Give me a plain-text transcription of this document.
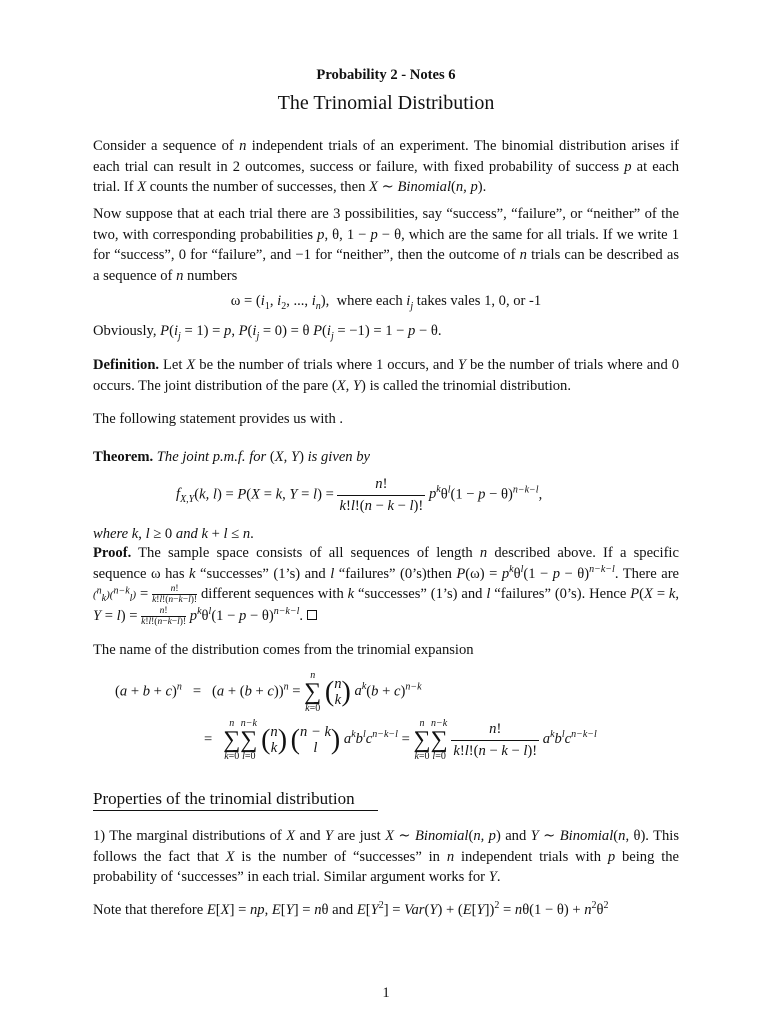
Probability 2 - Notes 6
The Trinomial Distribution
Consider a sequence of n independent trials of an experiment. The binomial distribution arises if each trial can result in 2 outcomes, success or failure, with fixed probability of success p at each trial. If X counts the number of successes, then X ∼ Binomial(n, p).
Now suppose that at each trial there are 3 possibilities, say “success”, “failure”, or “neither” of the two, with corresponding probabilities p, θ, 1 − p − θ, which are the same for all trials. If we write 1 for “success”, 0 for “failure”, and −1 for “neither”, then the outcome of n trials can be described as a sequence of n numbers
$\omega = (i_1$, $i_2$, ..., $i_n$),  where each $i_j$ takes vales 1, 0, or -1
Obviously, $P(i_j = 1) = p$, $P(i_j = 0) = \theta$ $P(i_j = -1) = 1 - p - \theta$.
Definition. Let X be the number of trials where 1 occurs, and Y be the number of trials where and 0 occurs. The joint distribution of the pare (X, Y) is called the trinomial distribution.
The following statement provides us with .
Theorem. The joint p.m.f. for (X, Y) is given by
$f_{X,Y}(k$, l) = P(X = k, $Y = l) = \frac{n!}{k!l!(n - k - l)!} p^k\theta^l(1 - p - \theta)^{n-k-l}$,
where k, l ≥ 0 and k + l ≤ n.
Proof. The sample space consists of all sequences of length n described above. If a specific sequence ω has k “successes” (1’s) and l “failures” (0’s)then $P(\omega) = p^k\theta^l(1 - p - \theta)^{n-k-l}$. There are $(^n_k)(^{n-k}_l) = \frac{n!}{k!l!(n-k-l)!}$ different sequences with k “successes” (1’s) and l “failures” (0’s). Hence P(X = k, $Y = l) = \frac{n!}{k!l!(n-k-l)!} p^k\theta^l(1 - p - \theta)^{n-k-l}$.
The name of the distribution comes from the trinomial expansion
$(a + b + c)^n = (a + (b + c))^n = n$
∑
k=0 ( n
k ) $a^k(b + c)^{n-k}$
=   n
∑
k=0n−k
∑
l=0 ( n
k ) ( n − k
l ) $a^kb^lc^{n-k-l} = n$
∑
k=0n−k
∑
$l=0 \frac{n!}{k!l!(n - k - l)!} a^kb^lc^{n-k-l}$
Properties of the trinomial distribution
1) The marginal distributions of X and Y are just X ∼ Binomial(n, p) and Y ∼ Binomial(n, θ). This follows the fact that X is the number of “successes” in n independent trials with p being the probability of ‘successes” in each trial. Similar argument works for Y.
Note that therefore E[X] = np, E[Y] = nθ and $E[Y^2] = Var(Y) + (E[Y])^2 = n\theta(1 - \theta) + n^2\theta^2$
1
